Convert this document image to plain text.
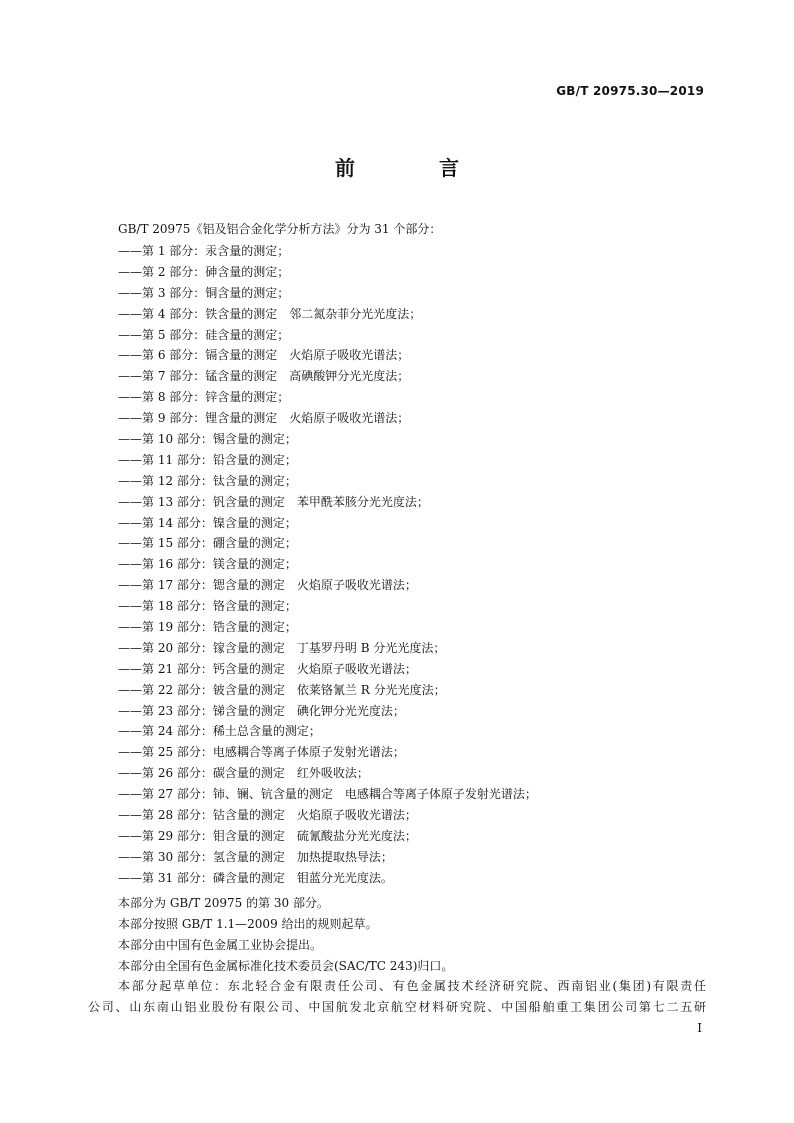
GB/T 20975.30—2019
前　言
GB/T 20975《铝及铝合金化学分析方法》分为 31 个部分：
——第 1 部分：汞含量的测定；
——第 2 部分：砷含量的测定；
——第 3 部分：铜含量的测定；
——第 4 部分：铁含量的测定　邻二氮杂菲分光光度法；
——第 5 部分：硅含量的测定；
——第 6 部分：镉含量的测定　火焰原子吸收光谱法；
——第 7 部分：锰含量的测定　高碘酸钾分光光度法；
——第 8 部分：锌含量的测定；
——第 9 部分：锂含量的测定　火焰原子吸收光谱法；
——第 10 部分：锡含量的测定；
——第 11 部分：铅含量的测定；
——第 12 部分：钛含量的测定；
——第 13 部分：钒含量的测定　苯甲酰苯胲分光光度法；
——第 14 部分：镍含量的测定；
——第 15 部分：硼含量的测定；
——第 16 部分：镁含量的测定；
——第 17 部分：锶含量的测定　火焰原子吸收光谱法；
——第 18 部分：铬含量的测定；
——第 19 部分：锆含量的测定；
——第 20 部分：镓含量的测定　丁基罗丹明 B 分光光度法；
——第 21 部分：钙含量的测定　火焰原子吸收光谱法；
——第 22 部分：铍含量的测定　依莱铬氰兰 R 分光光度法；
——第 23 部分：锑含量的测定　碘化钾分光光度法；
——第 24 部分：稀土总含量的测定；
——第 25 部分：电感耦合等离子体原子发射光谱法；
——第 26 部分：碳含量的测定　红外吸收法；
——第 27 部分：铈、镧、钪含量的测定　电感耦合等离子体原子发射光谱法；
——第 28 部分：钴含量的测定　火焰原子吸收光谱法；
——第 29 部分：钼含量的测定　硫氰酸盐分光光度法；
——第 30 部分：氢含量的测定　加热提取热导法；
——第 31 部分：磷含量的测定　钼蓝分光光度法。
本部分为 GB/T 20975 的第 30 部分。
本部分按照 GB/T 1.1—2009 给出的规则起草。
本部分由中国有色金属工业协会提出。
本部分由全国有色金属标准化技术委员会(SAC/TC 243)归口。
本部分起草单位：东北轻合金有限责任公司、有色金属技术经济研究院、西南铝业(集团)有限责任
公司、山东南山铝业股份有限公司、中国航发北京航空材料研究院、中国船舶重工集团公司第七二五研
I
